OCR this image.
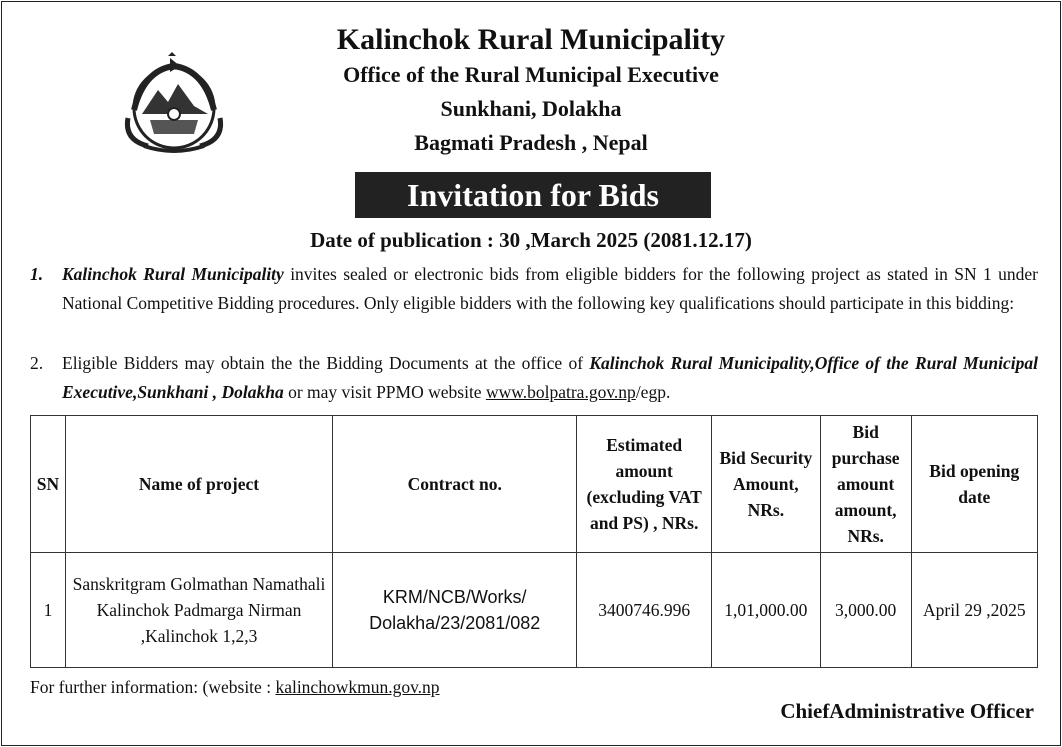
Kalinchok Rural Municipality
Office of the Rural Municipal Executive
Sunkhani, Dolakha
Bagmati Pradesh , Nepal
Invitation for Bids
Date of publication : 30 ,March 2025 (2081.12.17)
1. Kalinchok Rural Municipality invites sealed or electronic bids from eligible bidders for the following project as stated in SN 1 under National Competitive Bidding procedures. Only eligible bidders with the following key qualifications should participate in this bidding:
2. Eligible Bidders may obtain the the Bidding Documents at the office of Kalinchok Rural Municipality,Office of the Rural Municipal Executive,Sunkhani , Dolakha or may visit PPMO website www.bolpatra.gov.np/egp.
SN	Name of project	Contract no.	Estimated amount (excluding VAT and PS) , NRs.	Bid Security Amount, NRs.	Bid purchase amount amount, NRs.	Bid opening date
1	Sanskritgram Golmathan Namathali Kalinchok Padmarga Nirman ,Kalinchok 1,2,3	KRM/NCB/Works/ Dolakha/23/2081/082	3400746.996	1,01,000.00	3,000.00	April 29 ,2025
For further information: (website : kalinchowkmun.gov.np
ChiefAdministrative Officer
